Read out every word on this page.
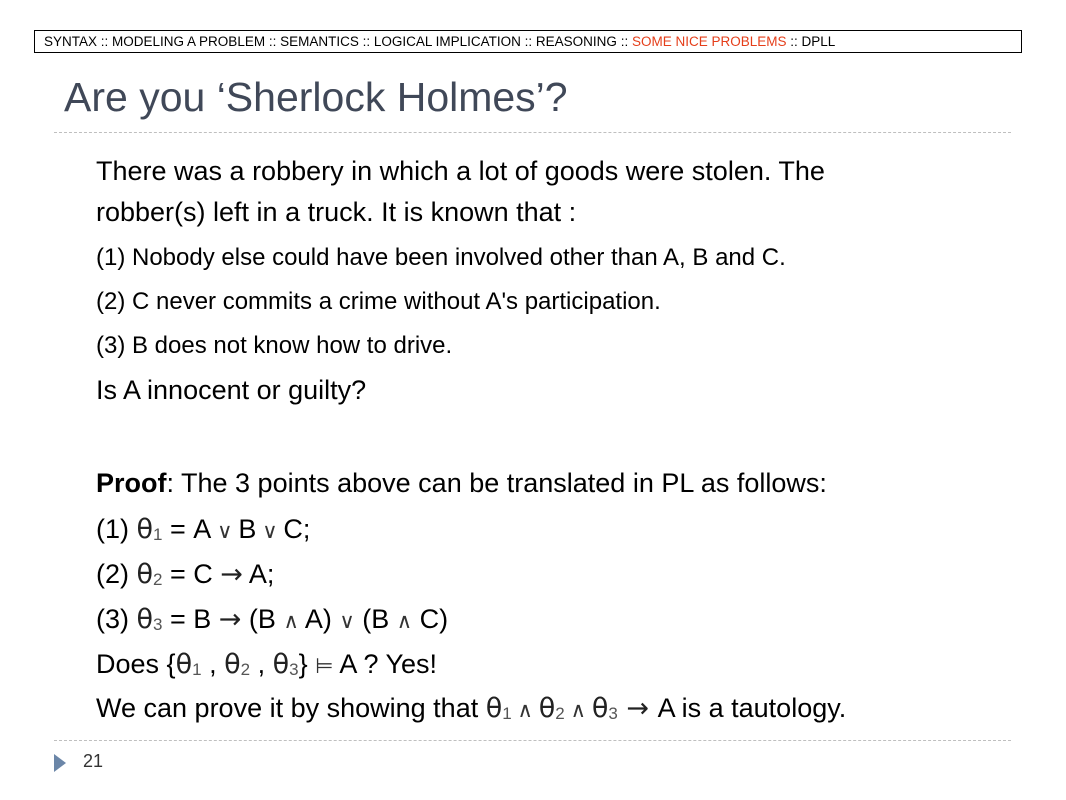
SYNTAX :: MODELING A PROBLEM :: SEMANTICS :: LOGICAL IMPLICATION :: REASONING :: SOME NICE PROBLEMS :: DPLL
Are you ‘Sherlock Holmes’?
There was a robbery in which a lot of goods were stolen. The
robber(s) left in a truck. It is known that :
(1) Nobody else could have been involved other than A, B and C.
(2) C never commits a crime without A's participation.
(3) B does not know how to drive.
Is A innocent or guilty?
Proof: The 3 points above can be translated in PL as follows:
(1) $\theta_1 = A$ ∨ B ∨ C;
(2) $\theta_2 = C \to A$;
(3) $\theta_3 = B \to (B$ ∧ A) ∨ (B ∧ C)
Does {$\theta_1$ , $\theta_2$ , $\theta_3$} ⊨ A ? Yes!
We can prove it by showing that $\theta_1$ ∧ $\theta_2$ ∧ $\theta_3 \to A$ is a tautology.
21
